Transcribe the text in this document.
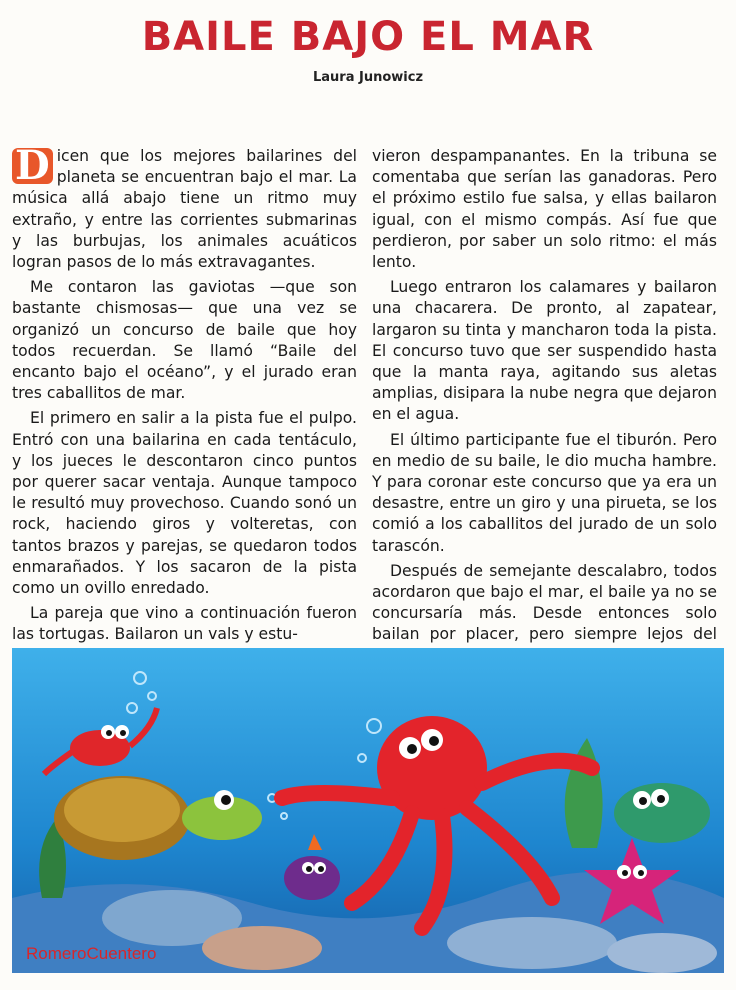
BAILE BAJO EL MAR
Laura Junowicz

D icen que los mejores bailarines del planeta se encuentran bajo el mar. La música allá abajo tiene un ritmo muy extraño, y entre las corrientes submarinas y las burbujas, los animales acuáticos logran pasos de lo más extravagantes.

Me contaron las gaviotas —que son bastante chismosas— que una vez se organizó un concurso de baile que hoy todos recuerdan. Se llamó “Baile del encanto bajo el océano”, y el jurado eran tres caballitos de mar.

El primero en salir a la pista fue el pulpo. Entró con una bailarina en cada tentáculo, y los jueces le descontaron cinco puntos por querer sacar ventaja. Aunque tampoco le resultó muy provechoso. Cuando sonó un rock, haciendo giros y volteretas, con tantos brazos y parejas, se quedaron todos enmarañados. Y los sacaron de la pista como un ovillo enredado.

La pareja que vino a continuación fueron las tortugas. Bailaron un vals y estu-

vieron despampanantes. En la tribuna se comentaba que serían las ganadoras. Pero el próximo estilo fue salsa, y ellas bailaron igual, con el mismo compás. Así fue que perdieron, por saber un solo ritmo: el más lento.

Luego entraron los calamares y bailaron una chacarera. De pronto, al zapatear, largaron su tinta y mancharon toda la pista. El concurso tuvo que ser suspendido hasta que la manta raya, agitando sus aletas amplias, disipara la nube negra que dejaron en el agua.

El último participante fue el tiburón. Pero en medio de su baile, le dio mucha hambre. Y para coronar este concurso que ya era un desastre, entre un giro y una pirueta, se los comió a los caballitos del jurado de un solo tarascón.

Después de semejante descalabro, todos acordaron que bajo el mar, el baile ya no se concursaría más. Desde entonces solo bailan por placer, pero siempre lejos del

RomeroCuentero
